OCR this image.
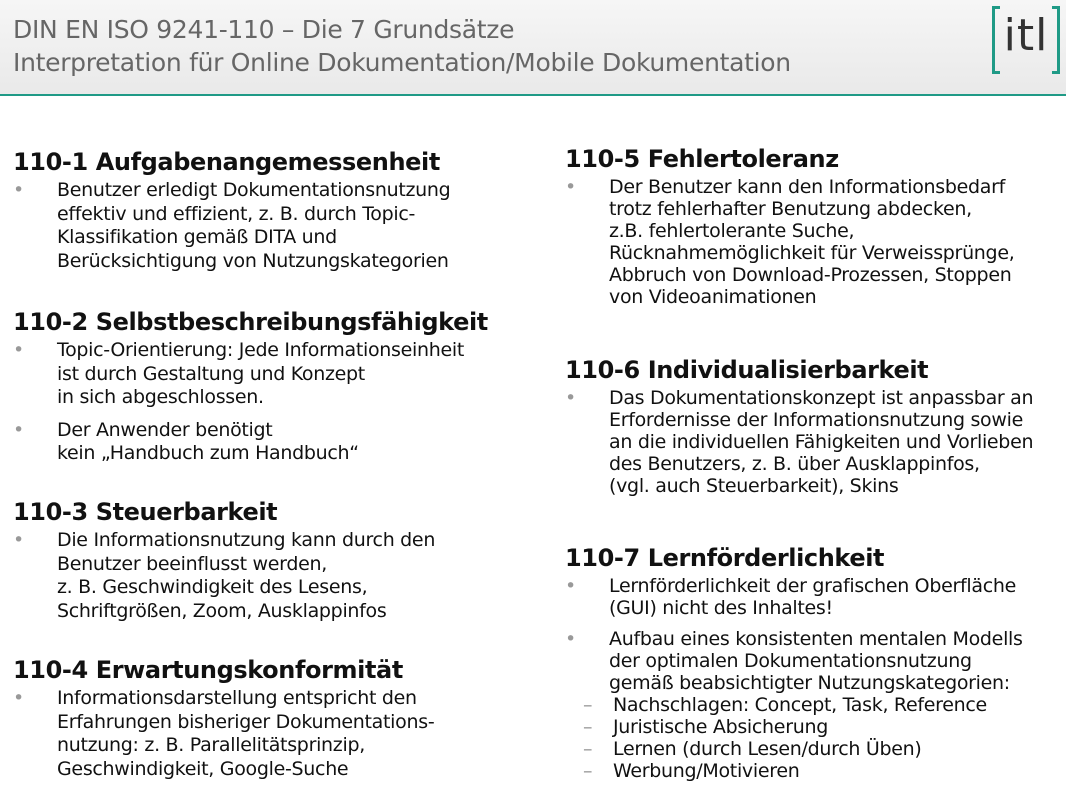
DIN EN ISO 9241-110 – Die 7 Grundsätze
Interpretation für Online Dokumentation/Mobile Dokumentation
itl
110-1 Aufgabenangemessenheit
• Benutzer erledigt Dokumentationsnutzung
effektiv und effizient, z. B. durch Topic-
Klassifikation gemäß DITA und
Berücksichtigung von Nutzungskategorien
110-2 Selbstbeschreibungsfähigkeit
• Topic-Orientierung: Jede Informationseinheit
ist durch Gestaltung und Konzept
in sich abgeschlossen.
• Der Anwender benötigt
kein „Handbuch zum Handbuch“
110-3 Steuerbarkeit
• Die Informationsnutzung kann durch den
Benutzer beeinflusst werden,
z. B. Geschwindigkeit des Lesens,
Schriftgrößen, Zoom, Ausklappinfos
110-4 Erwartungskonformität
• Informationsdarstellung entspricht den
Erfahrungen bisheriger Dokumentations-
nutzung: z. B. Parallelitätsprinzip,
Geschwindigkeit, Google-Suche
110-5 Fehlertoleranz
• Der Benutzer kann den Informationsbedarf
trotz fehlerhafter Benutzung abdecken,
z.B. fehlertolerante Suche,
Rücknahmemöglichkeit für Verweissprünge,
Abbruch von Download-Prozessen, Stoppen
von Videoanimationen
110-6 Individualisierbarkeit
• Das Dokumentationskonzept ist anpassbar an
Erfordernisse der Informationsnutzung sowie
an die individuellen Fähigkeiten und Vorlieben
des Benutzers, z. B. über Ausklappinfos,
(vgl. auch Steuerbarkeit), Skins
110-7 Lernförderlichkeit
• Lernförderlichkeit der grafischen Oberfläche
(GUI) nicht des Inhaltes!
• Aufbau eines konsistenten mentalen Modells
der optimalen Dokumentationsnutzung
gemäß beabsichtigter Nutzungskategorien:
– Nachschlagen: Concept, Task, Reference
– Juristische Absicherung
– Lernen (durch Lesen/durch Üben)
– Werbung/Motivieren
